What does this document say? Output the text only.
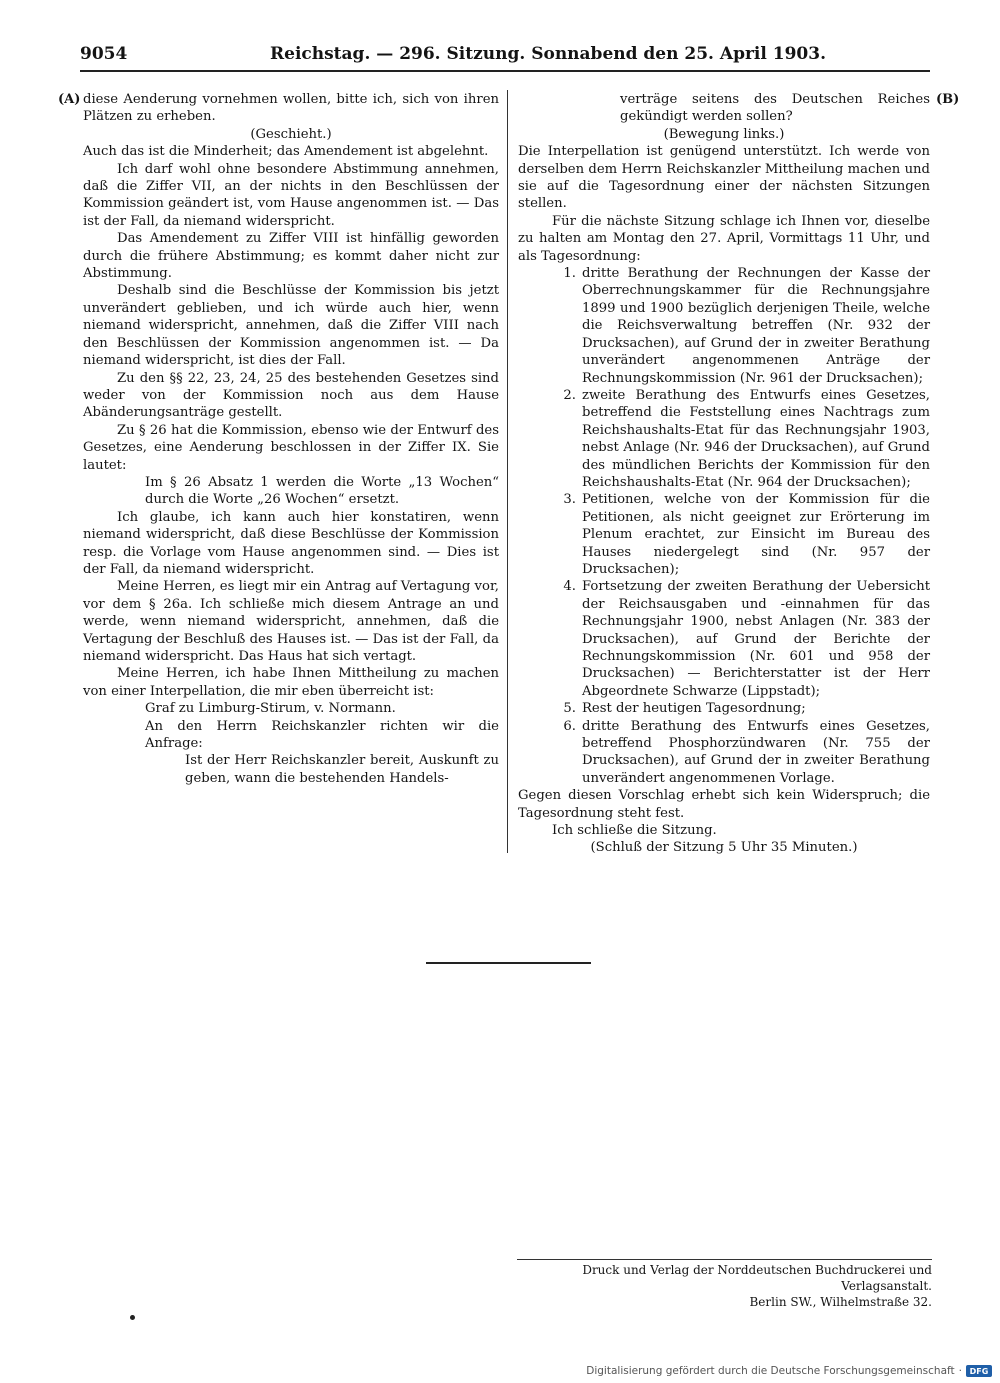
9054	Reichstag. — 296. Sitzung. Sonnabend den 25. April 1903.
(A)	(B)

diese Aenderung vornehmen wollen, bitte ich, sich von ihren Plätzen zu erheben.

(Geschieht.)

Auch das ist die Minderheit; das Amendement ist abgelehnt.

Ich darf wohl ohne besondere Abstimmung annehmen, daß die Ziffer VII, an der nichts in den Beschlüssen der Kommission geändert ist, vom Hause angenommen ist. — Das ist der Fall, da niemand widerspricht.

Das Amendement zu Ziffer VIII ist hinfällig geworden durch die frühere Abstimmung; es kommt daher nicht zur Abstimmung.

Deshalb sind die Beschlüsse der Kommission bis jetzt unverändert geblieben, und ich würde auch hier, wenn niemand widerspricht, annehmen, daß die Ziffer VIII nach den Beschlüssen der Kommission angenommen ist. — Da niemand widerspricht, ist dies der Fall.

Zu den §§ 22, 23, 24, 25 des bestehenden Gesetzes sind weder von der Kommission noch aus dem Hause Abänderungsanträge gestellt.

Zu § 26 hat die Kommission, ebenso wie der Entwurf des Gesetzes, eine Aenderung beschlossen in der Ziffer IX. Sie lautet:

Im § 26 Absatz 1 werden die Worte „13 Wochen“ durch die Worte „26 Wochen“ ersetzt.

Ich glaube, ich kann auch hier konstatiren, wenn niemand widerspricht, daß diese Beschlüsse der Kommission resp. die Vorlage vom Hause angenommen sind. — Dies ist der Fall, da niemand widerspricht.

Meine Herren, es liegt mir ein Antrag auf Vertagung vor, vor dem § 26a. Ich schließe mich diesem Antrage an und werde, wenn niemand widerspricht, annehmen, daß die Vertagung der Beschluß des Hauses ist. — Das ist der Fall, da niemand widerspricht. Das Haus hat sich vertagt.

Meine Herren, ich habe Ihnen Mittheilung zu machen von einer Interpellation, die mir eben überreicht ist:

Graf zu Limburg-Stirum, v. Normann.

An den Herrn Reichskanzler richten wir die Anfrage:

Ist der Herr Reichskanzler bereit, Auskunft zu geben, wann die bestehenden Handels-

verträge seitens des Deutschen Reiches gekündigt werden sollen?

(Bewegung links.)

Die Interpellation ist genügend unterstützt. Ich werde von derselben dem Herrn Reichskanzler Mittheilung machen und sie auf die Tagesordnung einer der nächsten Sitzungen stellen.

Für die nächste Sitzung schlage ich Ihnen vor, dieselbe zu halten am Montag den 27. April, Vormittags 11 Uhr, und als Tagesordnung:

1. dritte Berathung der Rechnungen der Kasse der Oberrechnungskammer für die Rechnungsjahre 1899 und 1900 bezüglich derjenigen Theile, welche die Reichsverwaltung betreffen (Nr. 932 der Drucksachen), auf Grund der in zweiter Berathung unverändert angenommenen Anträge der Rechnungskommission (Nr. 961 der Drucksachen);
2. zweite Berathung des Entwurfs eines Gesetzes, betreffend die Feststellung eines Nachtrags zum Reichshaushalts-Etat für das Rechnungsjahr 1903, nebst Anlage (Nr. 946 der Drucksachen), auf Grund des mündlichen Berichts der Kommission für den Reichshaushalts-Etat (Nr. 964 der Drucksachen);
3. Petitionen, welche von der Kommission für die Petitionen, als nicht geeignet zur Erörterung im Plenum erachtet, zur Einsicht im Bureau des Hauses niedergelegt sind (Nr. 957 der Drucksachen);
4. Fortsetzung der zweiten Berathung der Uebersicht der Reichsausgaben und -einnahmen für das Rechnungsjahr 1900, nebst Anlagen (Nr. 383 der Drucksachen), auf Grund der Berichte der Rechnungskommission (Nr. 601 und 958 der Drucksachen) — Berichterstatter ist der Herr Abgeordnete Schwarze (Lippstadt);
5. Rest der heutigen Tagesordnung;
6. dritte Berathung des Entwurfs eines Gesetzes, betreffend Phosphorzündwaren (Nr. 755 der Drucksachen), auf Grund der in zweiter Berathung unverändert angenommenen Vorlage.

Gegen diesen Vorschlag erhebt sich kein Widerspruch; die Tagesordnung steht fest.

Ich schließe die Sitzung.

(Schluß der Sitzung 5 Uhr 35 Minuten.)

Druck und Verlag der Norddeutschen Buchdruckerei und Verlagsanstalt.
Berlin SW., Wilhelmstraße 32.
Digitalisierung gefördert durch die Deutsche Forschungsgemeinschaft · DFG
